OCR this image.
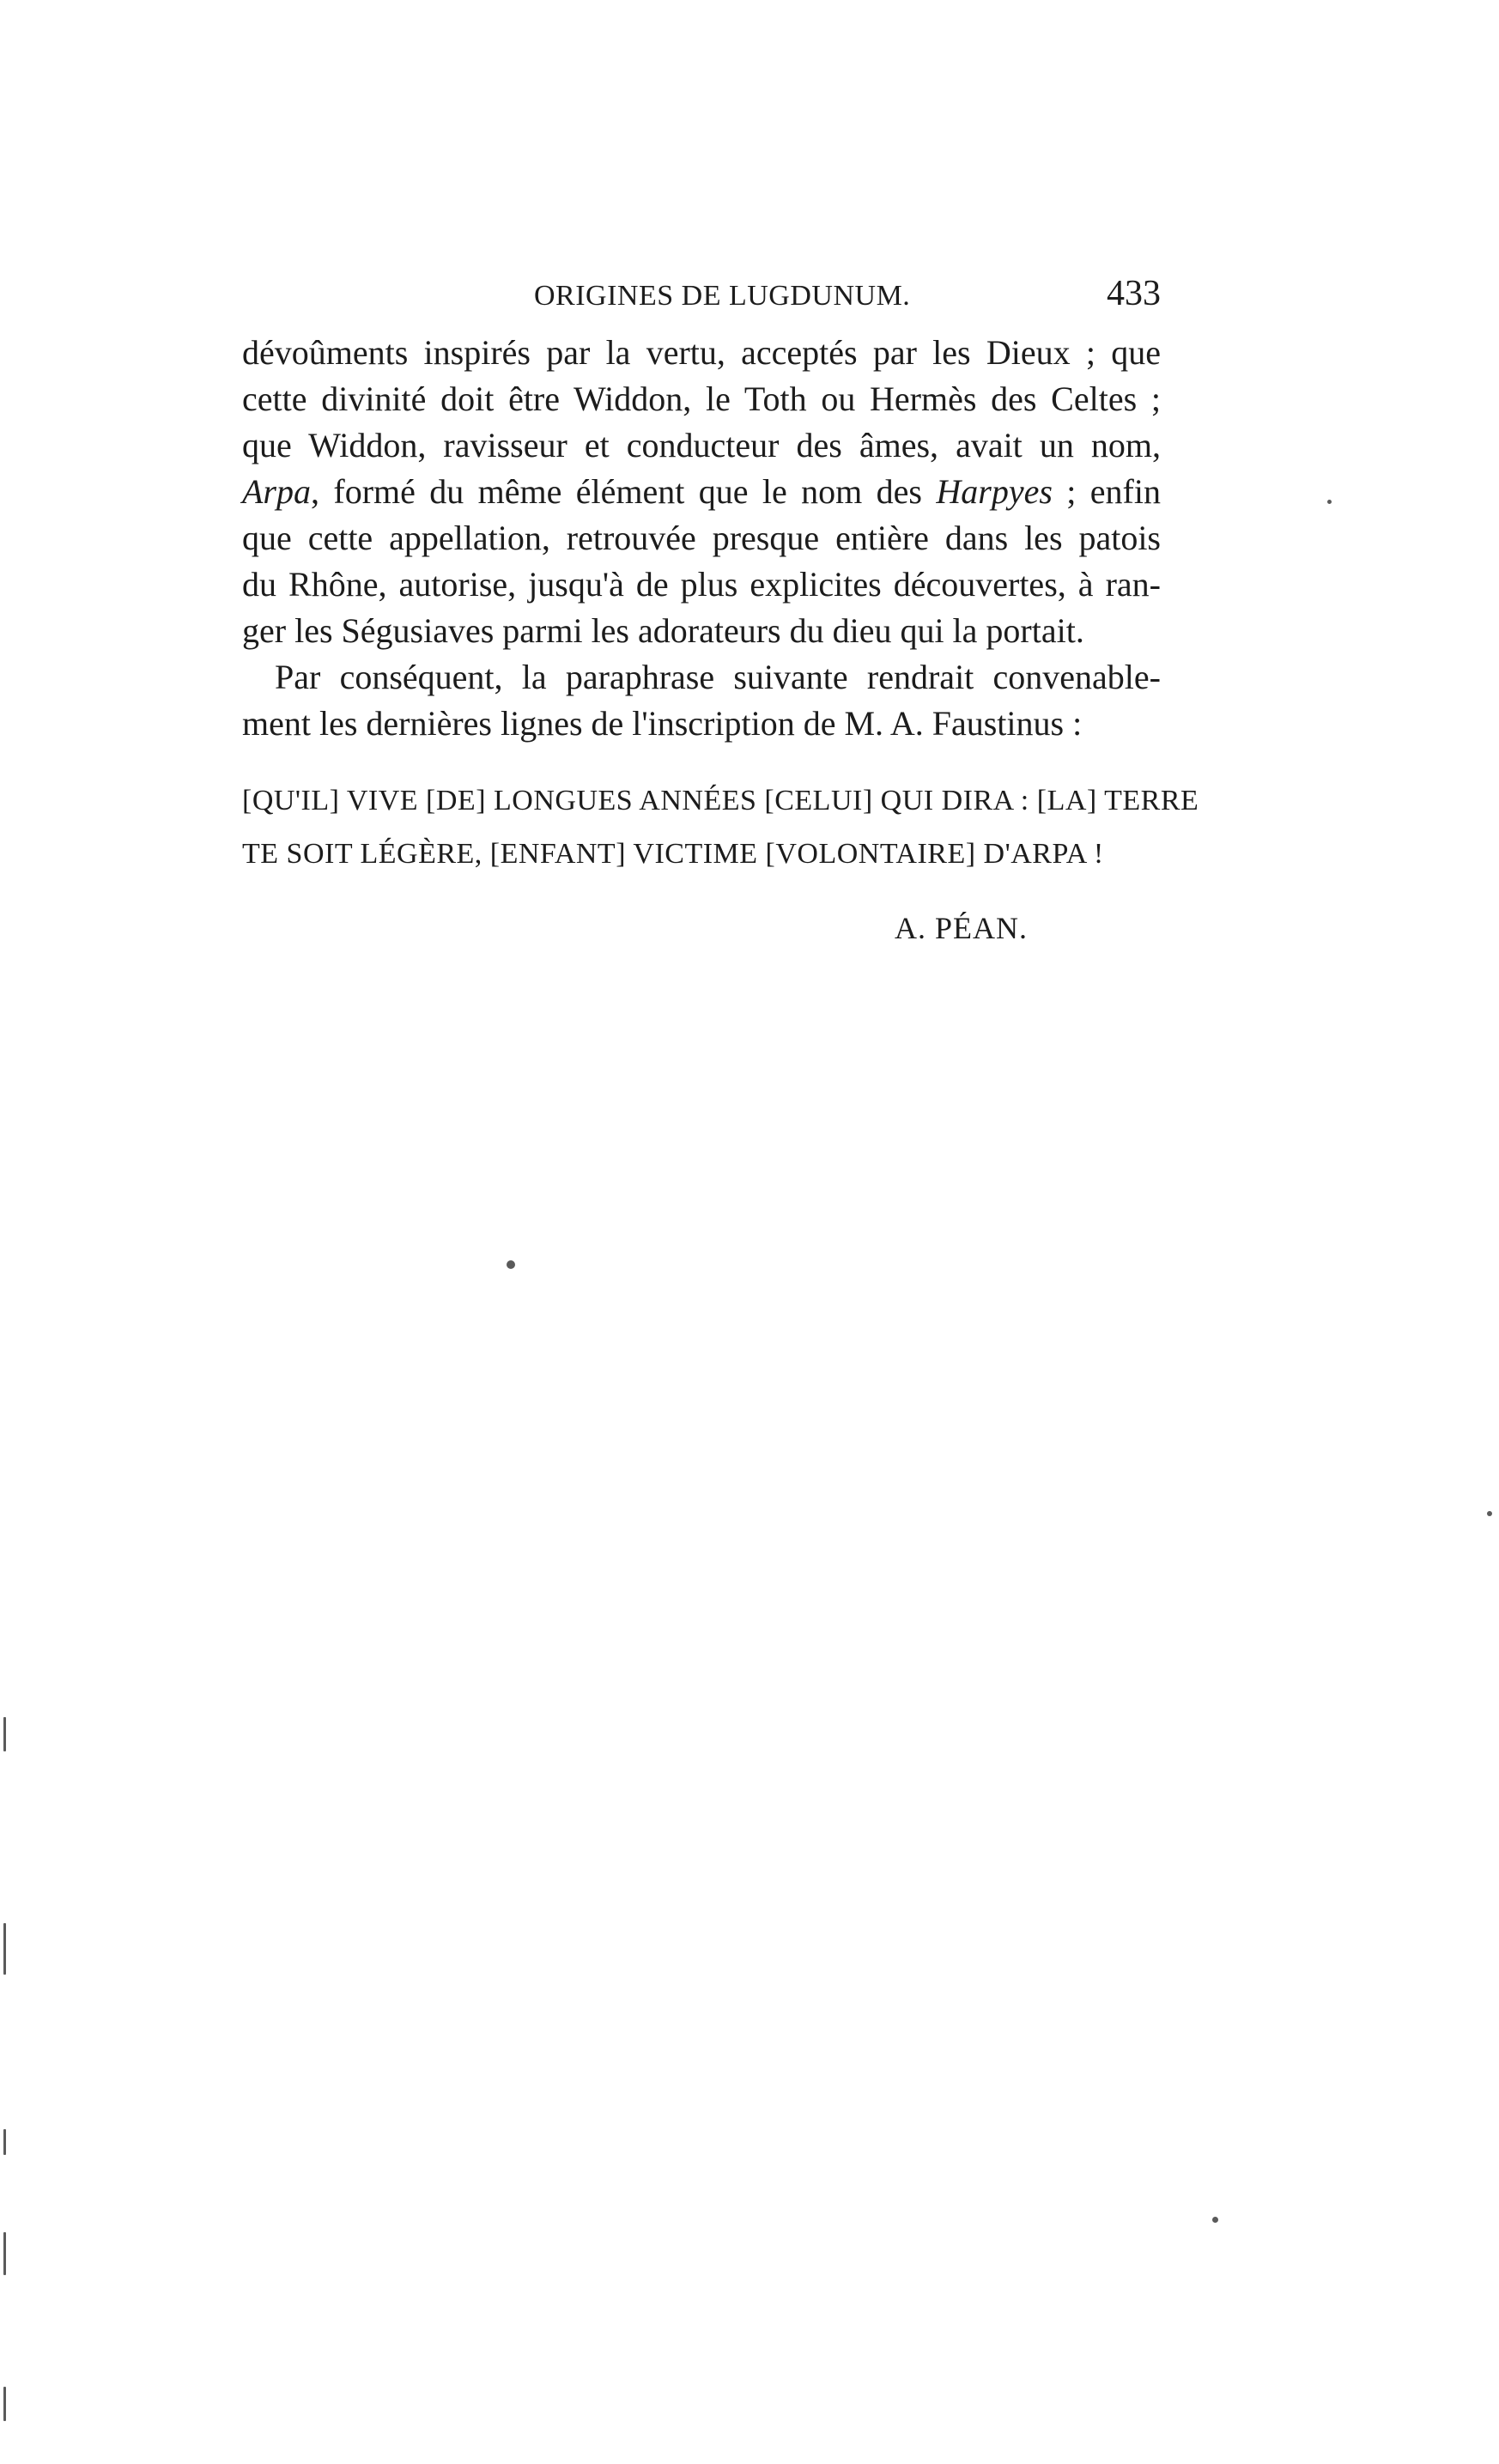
ORIGINES DE LUGDUNUM.	433
dévoûments inspirés par la vertu, acceptés par les Dieux ; que
cette divinité doit être Widdon, le Toth ou Hermès des Celtes ;
que Widdon, ravisseur et conducteur des âmes, avait un nom,
Arpa, formé du même élément que le nom des Harpyes ; enfin
que cette appellation, retrouvée presque entière dans les patois
du Rhône, autorise, jusqu'à de plus explicites découvertes, à ran-
ger les Ségusiaves parmi les adorateurs du dieu qui la portait.
Par conséquent, la paraphrase suivante rendrait convenable-
ment les dernières lignes de l'inscription de M. A. Faustinus :
[QU'IL] VIVE [DE] LONGUES ANNÉES [CELUI] QUI DIRA : [LA] TERRE
TE SOIT LÉGÈRE, [ENFANT] VICTIME [VOLONTAIRE] D'ARPA !
A. PÉAN.
